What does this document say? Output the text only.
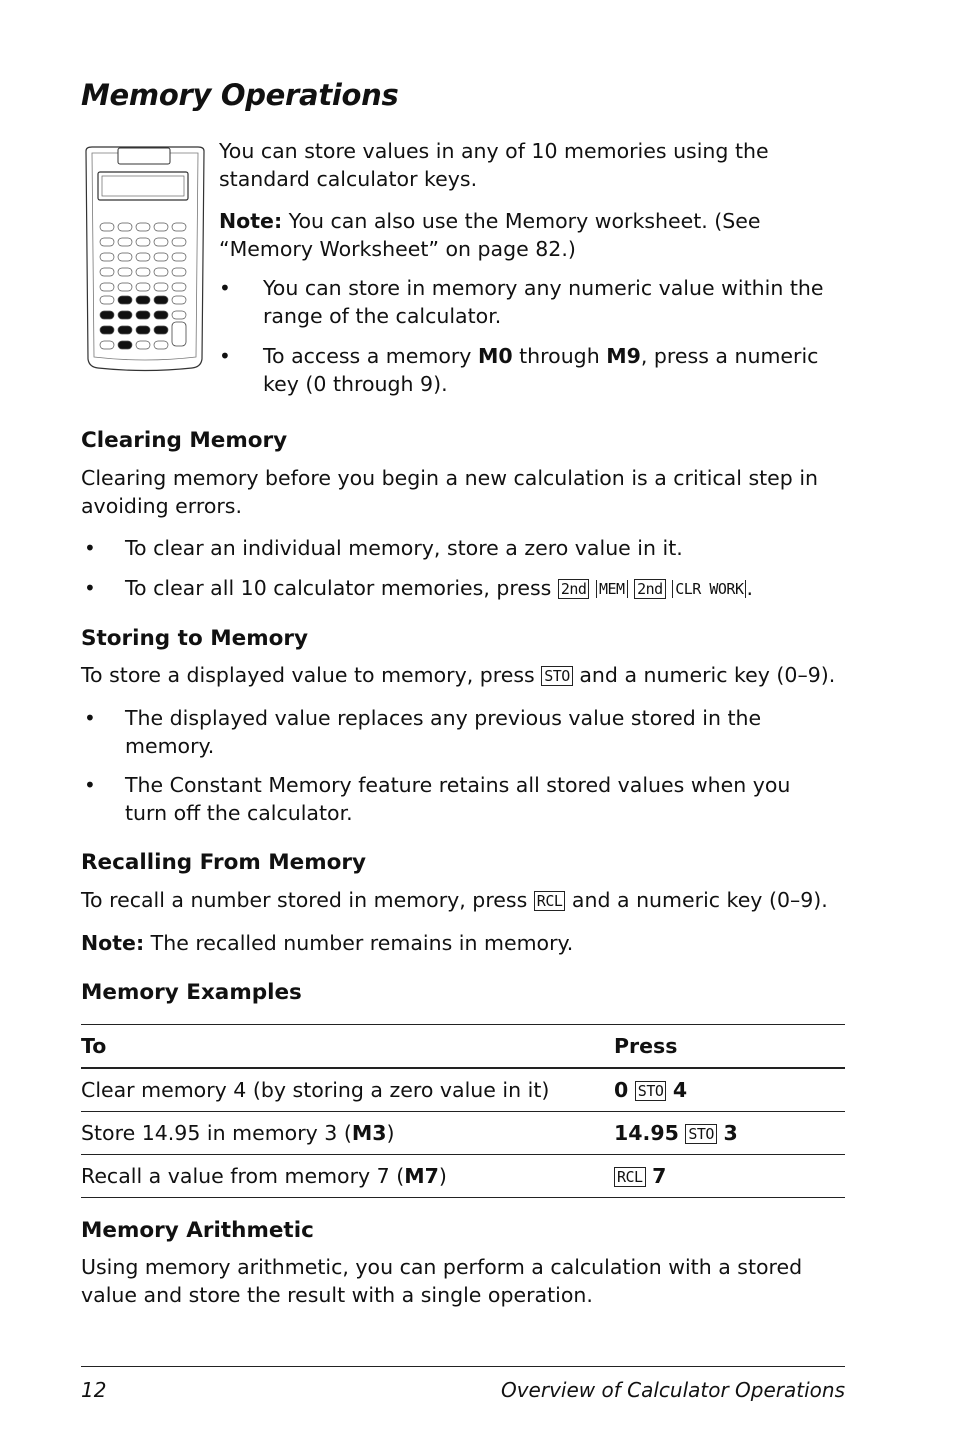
Memory Operations

You can store values in any of 10 memories using the standard calculator keys.

Note: You can also use the Memory worksheet. (See “Memory Worksheet” on page 82.)

• You can store in memory any numeric value within the range of the calculator.

• To access a memory M0 through M9, press a numeric key (0 through 9).

Clearing Memory

Clearing memory before you begin a new calculation is a critical step in avoiding errors.

• To clear an individual memory, store a zero value in it.

• To clear all 10 calculator memories, press 2nd MEM 2nd CLR WORK .

Storing to Memory

To store a displayed value to memory, press STO and a numeric key (0–9).

• The displayed value replaces any previous value stored in the memory.

• The Constant Memory feature retains all stored values when you turn off the calculator.

Recalling From Memory

To recall a number stored in memory, press RCL and a numeric key (0–9).

Note: The recalled number remains in memory.

Memory Examples
To	Press
Clear memory 4 (by storing a zero value in it)	0 STO 4
Store 14.95 in memory 3 (M3)	14.95 STO 3
Recall a value from memory 7 (M7)	RCL 7
Memory Arithmetic

Using memory arithmetic, you can perform a calculation with a stored value and store the result with a single operation.

12	Overview of Calculator Operations
